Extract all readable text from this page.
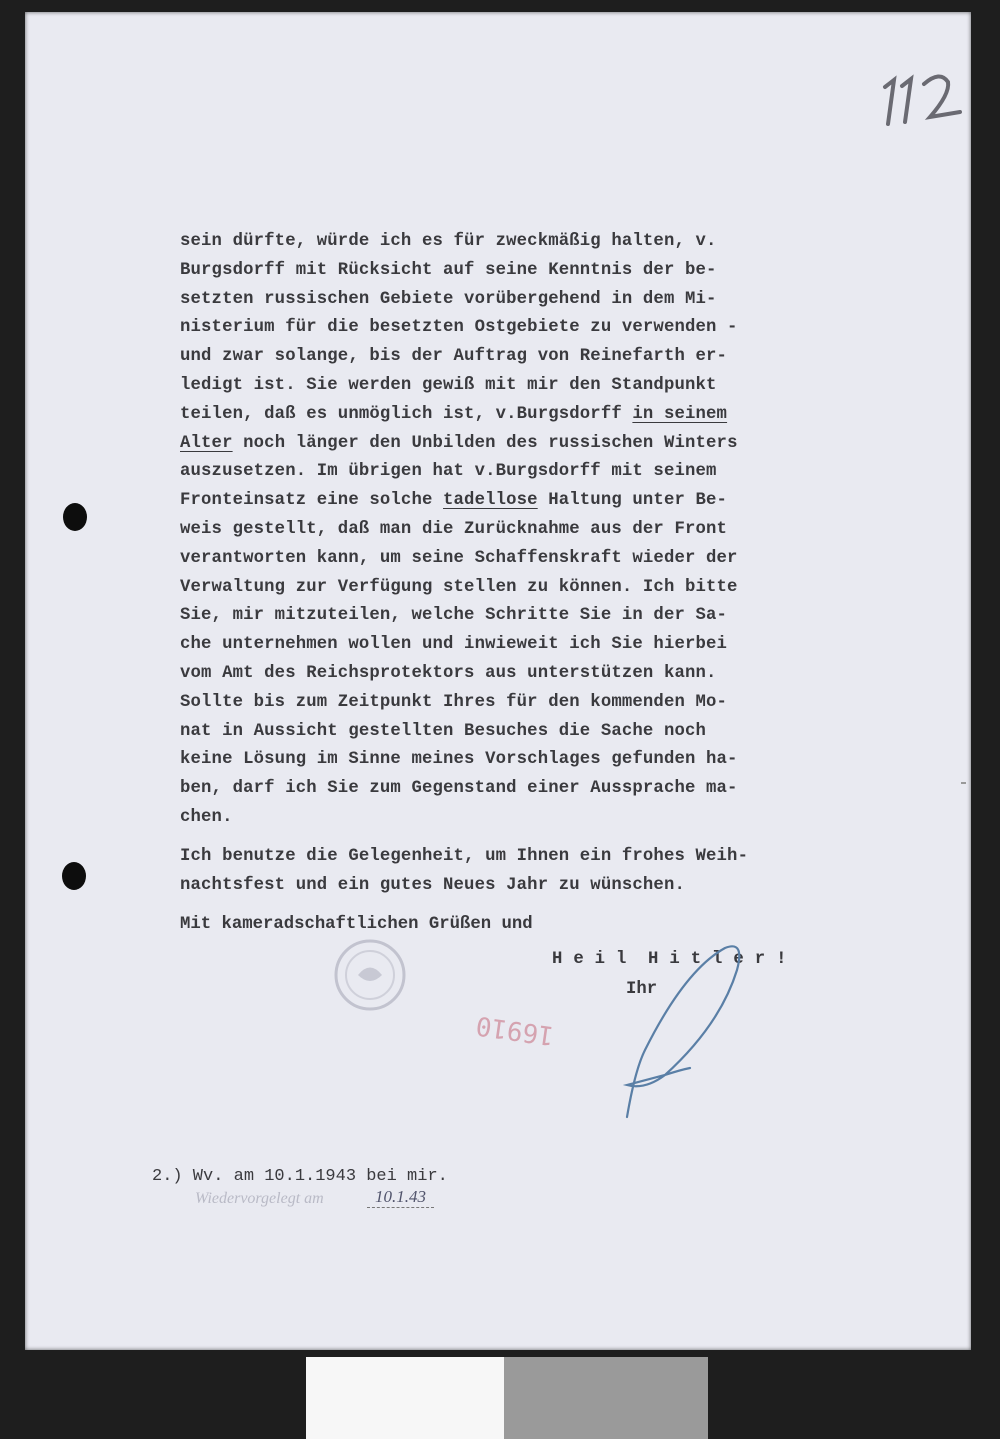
sein dürfte, würde ich es für zweckmäßig halten, v.
Burgsdorff mit Rücksicht auf seine Kenntnis der be-
setzten russischen Gebiete vorübergehend in dem Mi-
nisterium für die besetzten Ostgebiete zu verwenden -
und zwar solange, bis der Auftrag von Reinefarth er-
ledigt ist. Sie werden gewiß mit mir den Standpunkt
teilen, daß es unmöglich ist, v.Burgsdorff in seinem
Alter noch länger den Unbilden des russischen Winters
auszusetzen. Im übrigen hat v.Burgsdorff mit seinem
Fronteinsatz eine solche tadellose Haltung unter Be-
weis gestellt, daß man die Zurücknahme aus der Front
verantworten kann, um seine Schaffenskraft wieder der
Verwaltung zur Verfügung stellen zu können. Ich bitte
Sie, mir mitzuteilen, welche Schritte Sie in der Sa-
che unternehmen wollen und inwieweit ich Sie hierbei
vom Amt des Reichsprotektors aus unterstützen kann.
Sollte bis zum Zeitpunkt Ihres für den kommenden Mo-
nat in Aussicht gestellten Besuches die Sache noch
keine Lösung im Sinne meines Vorschlages gefunden ha-
ben, darf ich Sie zum Gegenstand einer Aussprache ma-
chen.
Ich benutze die Gelegenheit, um Ihnen ein frohes Weih-
nachtsfest und ein gutes Neues Jahr zu wünschen.
Mit kameradschaftlichen Grüßen und
H e i l  H i t l e r !
Ihr
16910
2.) Wv. am 10.1.1943 bei mir.
Wiedervorgelegt am	10.1.43
